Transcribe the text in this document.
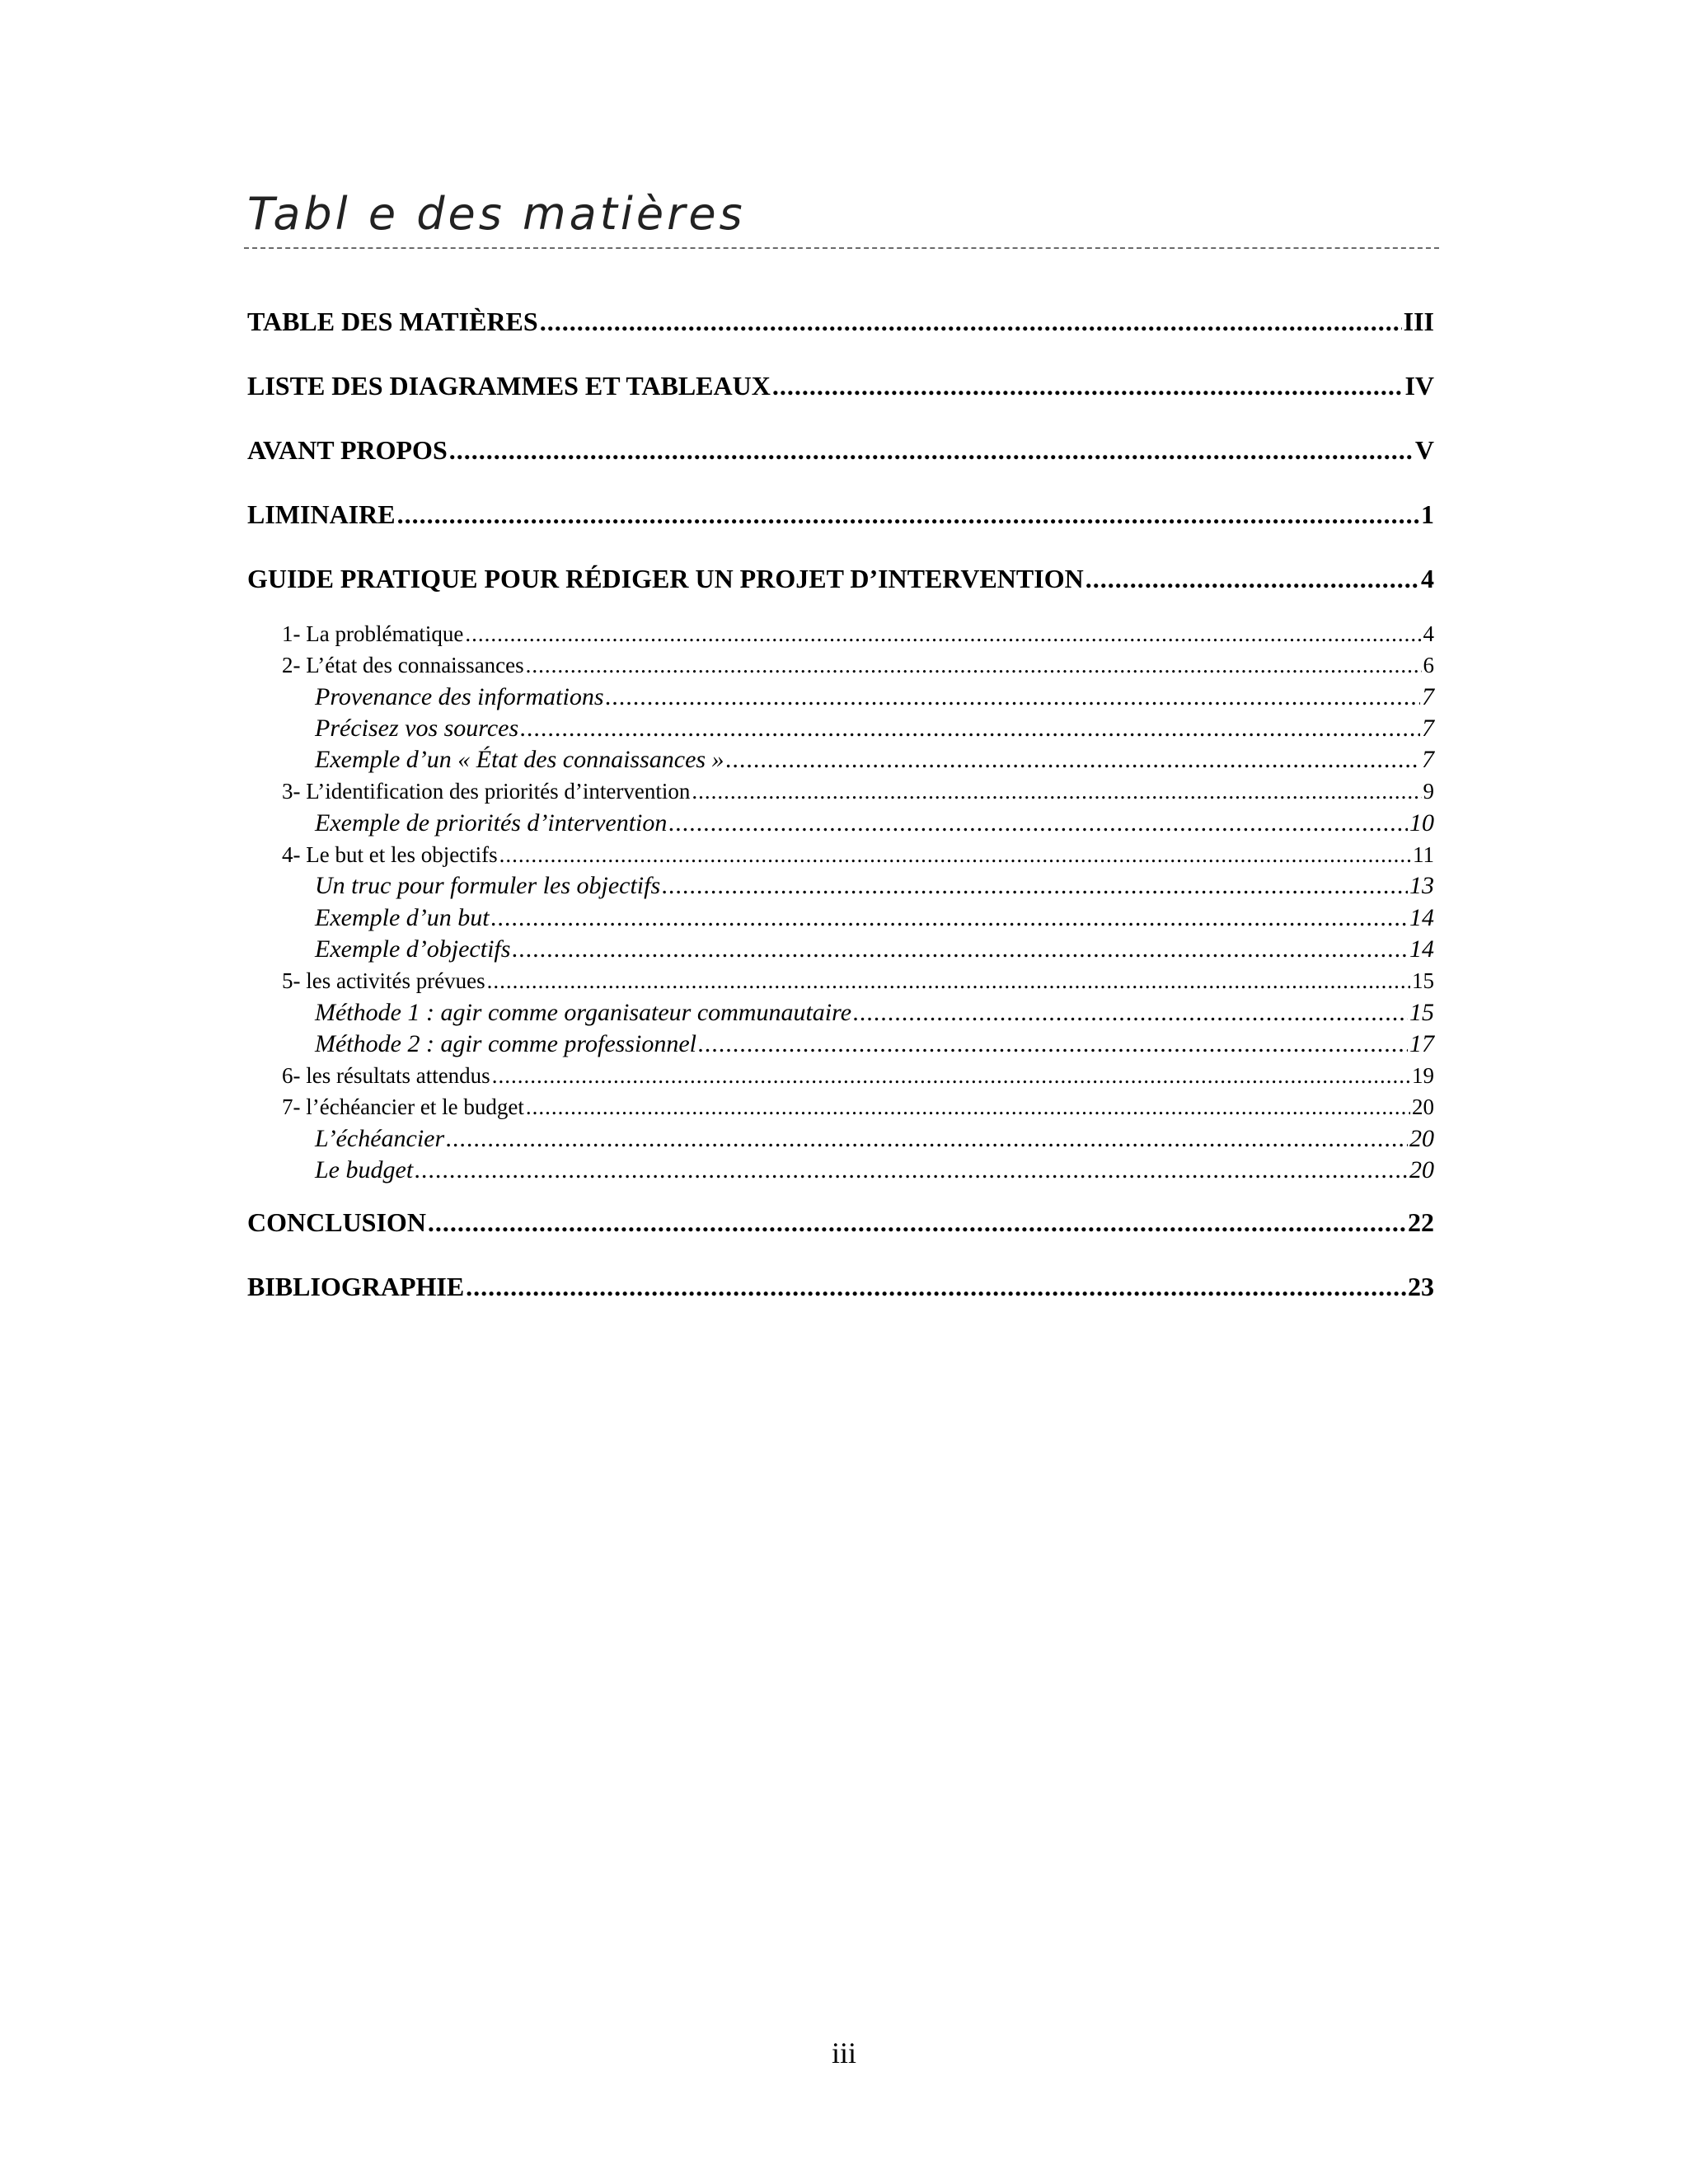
Tabl e des matières
TABLE DES MATIÈRES .....	III
LISTE DES DIAGRAMMES ET TABLEAUX .....	IV
AVANT PROPOS .....	V
LIMINAIRE .....	1
GUIDE PRATIQUE POUR RÉDIGER UN PROJET D’INTERVENTION .....	4
1- La problématique .....	4
2- L’état des connaissances .....	6
Provenance des informations .....	7
Précisez vos sources .....	7
Exemple d’un « État des connaissances » .....	7
3- L’identification des priorités d’intervention .....	9
Exemple de priorités d’intervention .....	10
4- Le but et les objectifs .....	11
Un truc pour formuler les objectifs .....	13
Exemple d’un but .....	14
Exemple d’objectifs .....	14
5- les activités prévues .....	15
Méthode 1 : agir comme organisateur communautaire .....	15
Méthode 2 : agir comme professionnel .....	17
6- les résultats attendus .....	19
7- l’échéancier et le budget .....	20
L’échéancier .....	20
Le budget .....	20
CONCLUSION .....	22
BIBLIOGRAPHIE .....	23
iii
